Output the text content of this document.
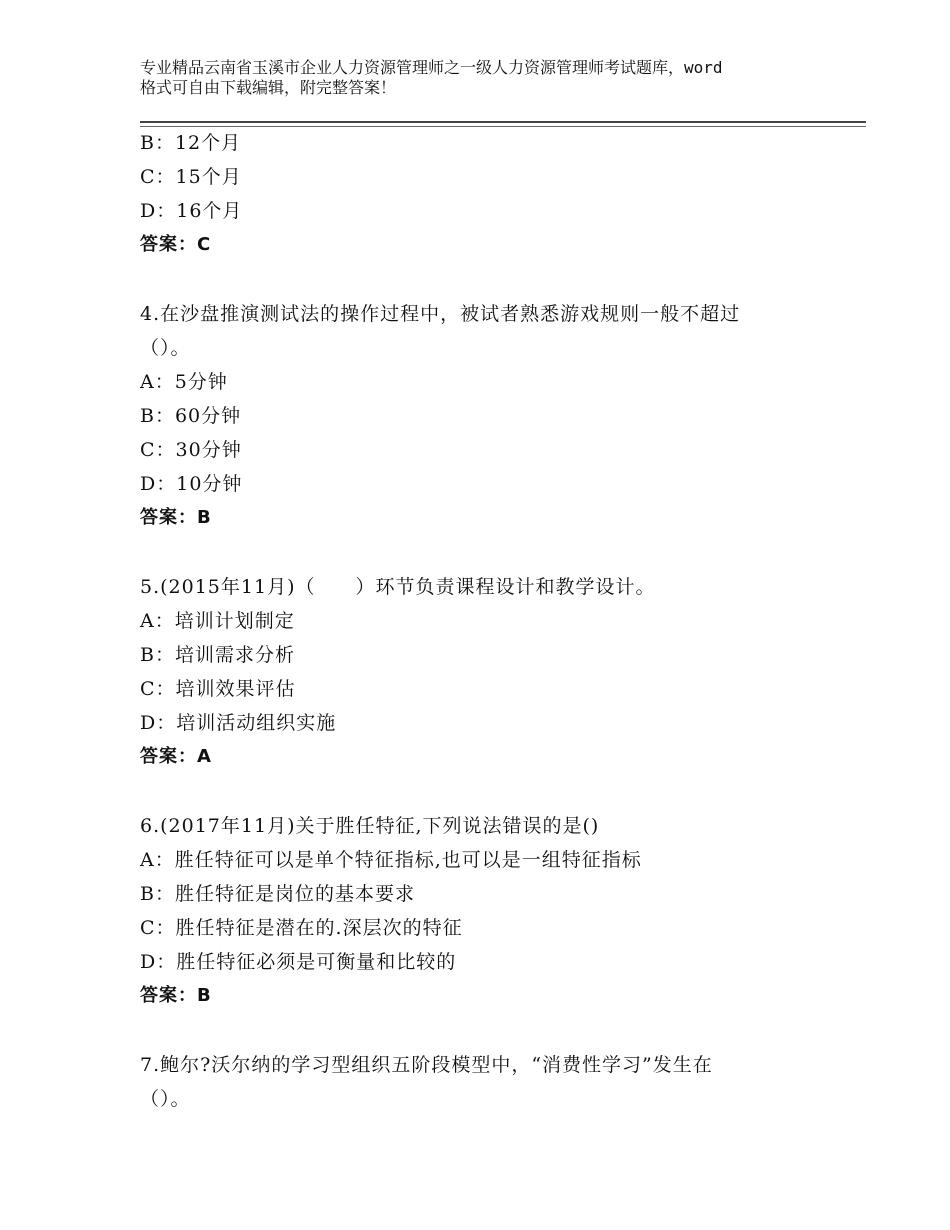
专业精品云南省玉溪市企业人力资源管理师之一级人力资源管理师考试题库，word
格式可自由下载编辑，附完整答案！
B：12个月
C：15个月
D：16个月
答案：C
4.在沙盘推演测试法的操作过程中，被试者熟悉游戏规则一般不超过
（）。
A：5分钟
B：60分钟
C：30分钟
D：10分钟
答案：B
5.(2015年11月)（　　）环节负责课程设计和教学设计。
A：培训计划制定
B：培训需求分析
C：培训效果评估
D：培训活动组织实施
答案：A
6.(2017年11月)关于胜任特征,下列说法错误的是()
A：胜任特征可以是单个特征指标,也可以是一组特征指标
B：胜任特征是岗位的基本要求
C：胜任特征是潜在的.深层次的特征
D：胜任特征必须是可衡量和比较的
答案：B
7.鲍尔?沃尔纳的学习型组织五阶段模型中，“消费性学习”发生在
（）。
